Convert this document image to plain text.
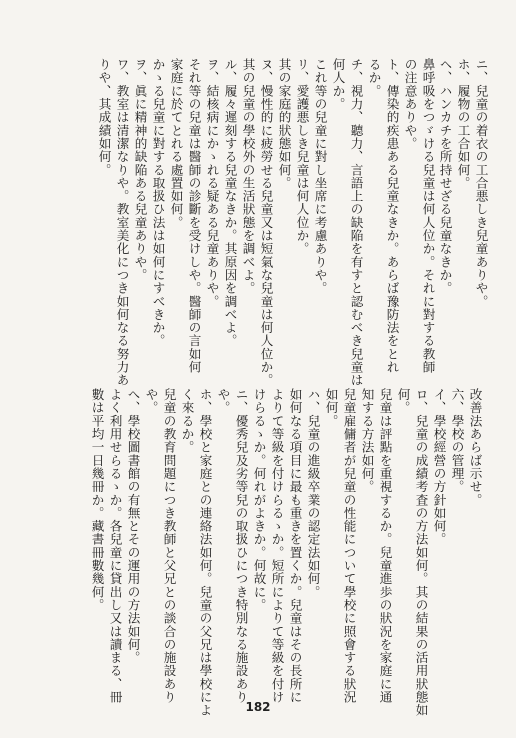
ニ、兒童の着衣の工合悪しき兒童ありや。
ホ、履物の工合如何。
ヘ、ハンカチを所持せざる兒童なきか。
鼻呼吸をつゞける兒童は何人位か。それに對する教師
の注意ありや。
ト、傳染的疾患ある兒童なきか。あらば豫防法をとれ
るか。
チ、視力、聽力、言語上の缺陥を有すと認むべき兒童は
何人か。
これ等の兒童に對し坐席に考慮ありや。
リ、愛護悪しき兒童は何人位か。
其の家庭的狀態如何。
ヌ、慢性的に疲勞せる兒童又は短氣な兒童は何人位か。
其の兒童の學校外の生活狀態を調べよ。
ル、履々遲刻する兒童なきか。其原因を調べよ。
ヲ、結核病にかゝれる疑ある兒童ありや。
それ等の兒童は醫師の診斷を受けしや。醫師の言如何
家庭に於てとれる處置如何。
かゝる兒童に對する取扱ひ法は如何にすべきか。
ヲ、眞に精神的缺陥ある兒童ありや。
ワ、教室は清潔なりや。教室美化につき如何なる努力あ
りや、其成績如何。
改善法あらば示せ。
六、學校の管理。
イ、學校經營の方針如何。
ロ、兒童の成績考査の方法如何。其の結果の活用狀態如
何。
兒童は評點を重視するか。兒童進歩の狀況を家庭に通
知する方法如何。
兒童雇傭者が兒童の性能について學校に照會する狀況
如何。
ハ、兒童の進級卒業の認定法如何。
如何なる項目に最も重きを置くか。兒童はその長所に
よりて等級を付けらるゝか。短所によりて等級を付け
けらるゝか。何れがよきか。何故に。
ニ、優秀兒及劣等兒の取扱ひにつき特別なる施設あり
や。
ホ、學校と家庭との連絡法如何。兒童の父兄は學校によ
く來るか。
兒童の教育問題につき教師と父兄との談合の施設あり
や。
へ、學校圖書館の有無とその運用の方法如何。
よく利用せらるゝか。各兒童に貸出し又は讀まる、冊
數は平均一日幾冊か。藏書冊數幾何。
182
